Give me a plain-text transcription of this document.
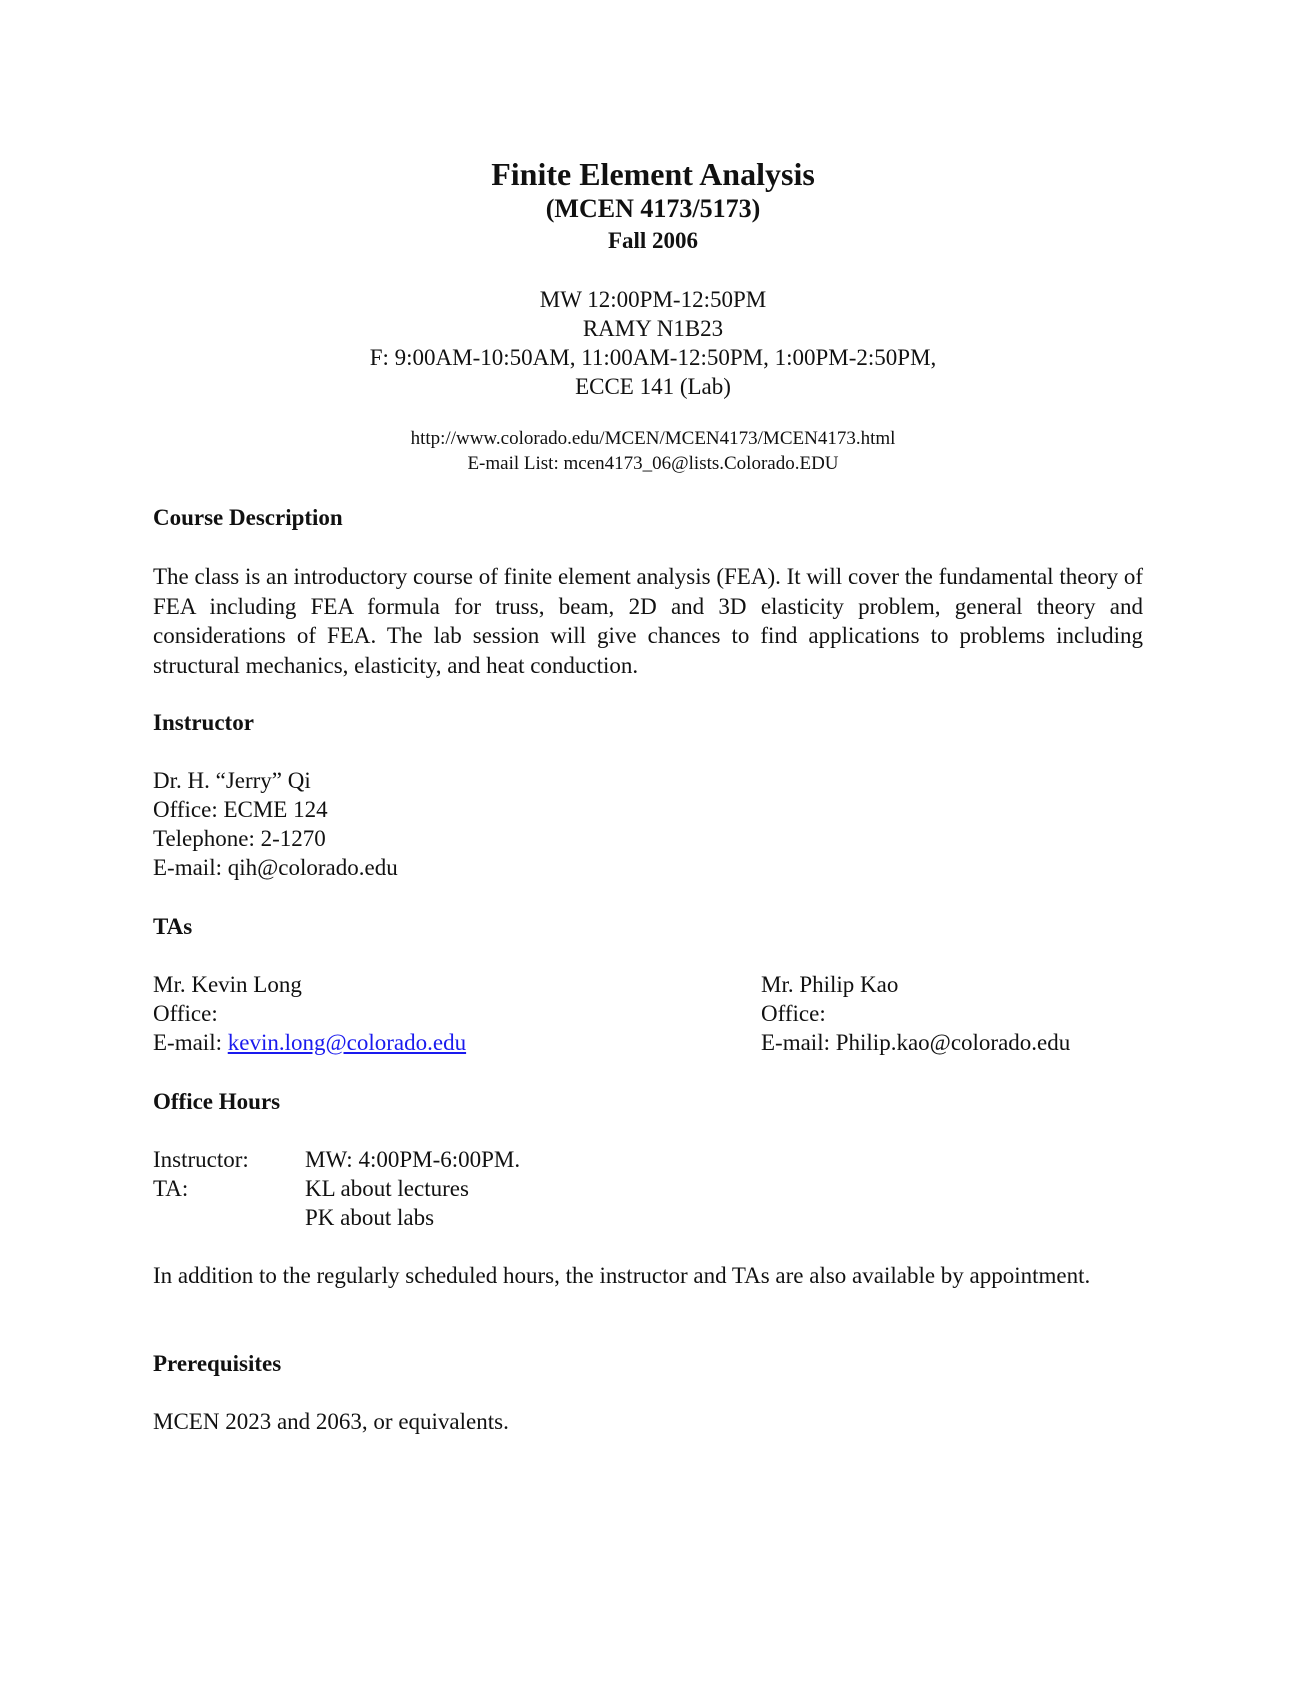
Finite Element Analysis
(MCEN 4173/5173)
Fall 2006
MW 12:00PM-12:50PM
RAMY N1B23
F: 9:00AM-10:50AM, 11:00AM-12:50PM, 1:00PM-2:50PM,
ECCE 141 (Lab)
http://www.colorado.edu/MCEN/MCEN4173/MCEN4173.html
E-mail List: mcen4173_06@lists.Colorado.EDU
Course Description
The class is an introductory course of finite element analysis (FEA). It will cover the fundamental theory of FEA including FEA formula for truss, beam, 2D and 3D elasticity problem, general theory and considerations of FEA. The lab session will give chances to find applications to problems including structural mechanics, elasticity, and heat conduction.
Instructor
Dr. H. “Jerry” Qi
Office: ECME 124
Telephone: 2-1270
E-mail: qih@colorado.edu
TAs
Mr. Kevin Long
Office:
E-mail: kevin.long@colorado.edu
Mr. Philip Kao
Office:
E-mail: Philip.kao@colorado.edu
Office Hours
Instructor: MW: 4:00PM-6:00PM.
TA:	KL about lectures
PK about labs
In addition to the regularly scheduled hours, the instructor and TAs are also available by appointment.
Prerequisites
MCEN 2023 and 2063, or equivalents.
